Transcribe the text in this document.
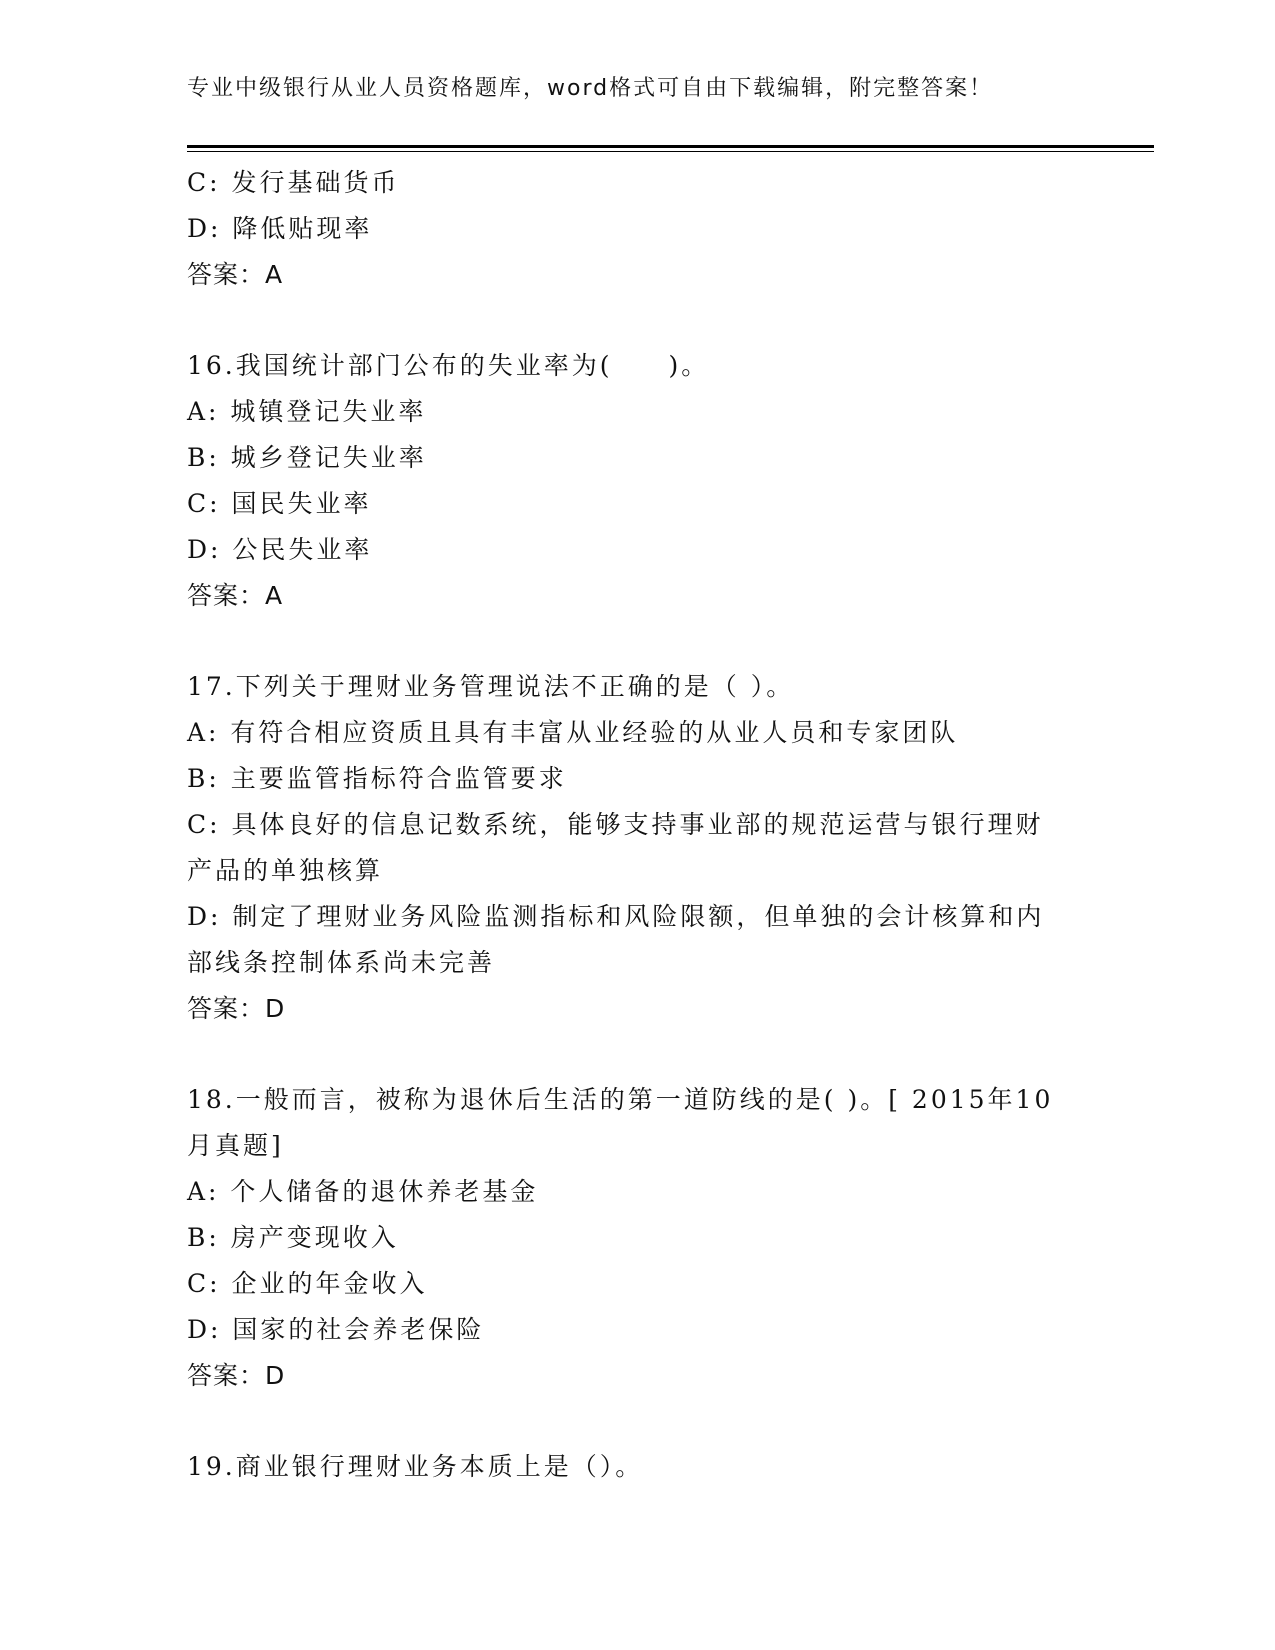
专业中级银行从业人员资格题库，word格式可自由下载编辑，附完整答案！
C: 发行基础货币
D: 降低贴现率
答案：A
16.我国统计部门公布的失业率为(　　)。
A: 城镇登记失业率
B: 城乡登记失业率
C: 国民失业率
D: 公民失业率
答案：A
17.下列关于理财业务管理说法不正确的是（ ）。
A: 有符合相应资质且具有丰富从业经验的从业人员和专家团队
B: 主要监管指标符合监管要求
C: 具体良好的信息记数系统，能够支持事业部的规范运营与银行理财
产品的单独核算
D: 制定了理财业务风险监测指标和风险限额，但单独的会计核算和内
部线条控制体系尚未完善
答案：D
18.一般而言，被称为退休后生活的第一道防线的是( )。[ 2015年10
月真题]
A: 个人储备的退休养老基金
B: 房产变现收入
C: 企业的年金收入
D: 国家的社会养老保险
答案：D
19.商业银行理财业务本质上是（）。
